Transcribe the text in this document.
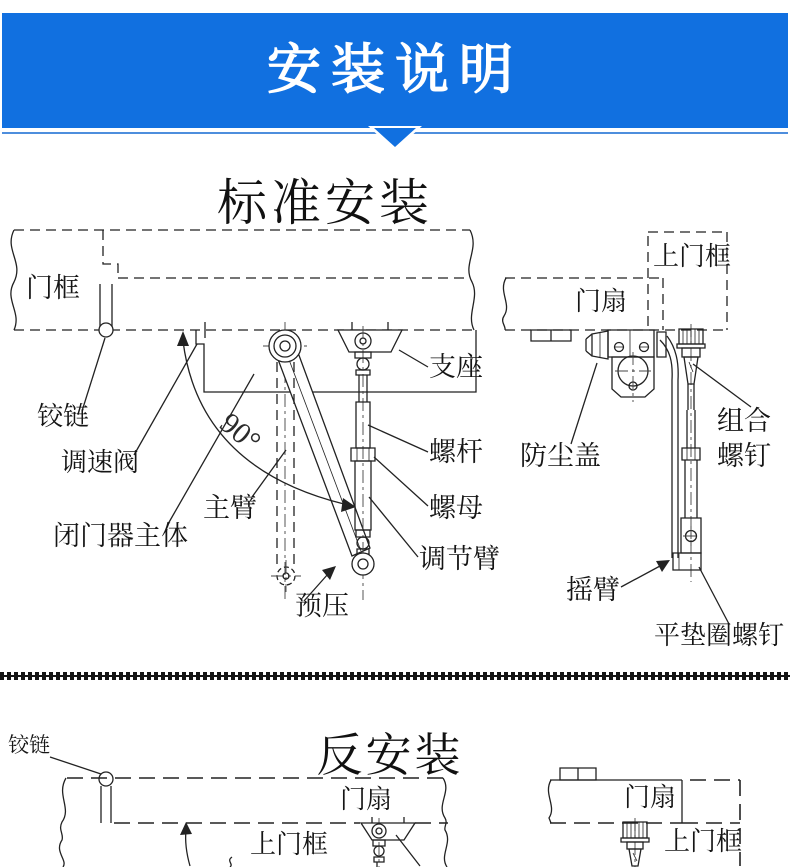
安装说明
标准安装
反安装
门框
铰链
调速阀
主臂
闭门器主体
预压
90°
支座
螺杆
螺母
调节臂
上门框
门扇
防尘盖
组合
螺钉
摇臂
平垫圈螺钉
铰链
门扇
上门框
门扇
上门框
